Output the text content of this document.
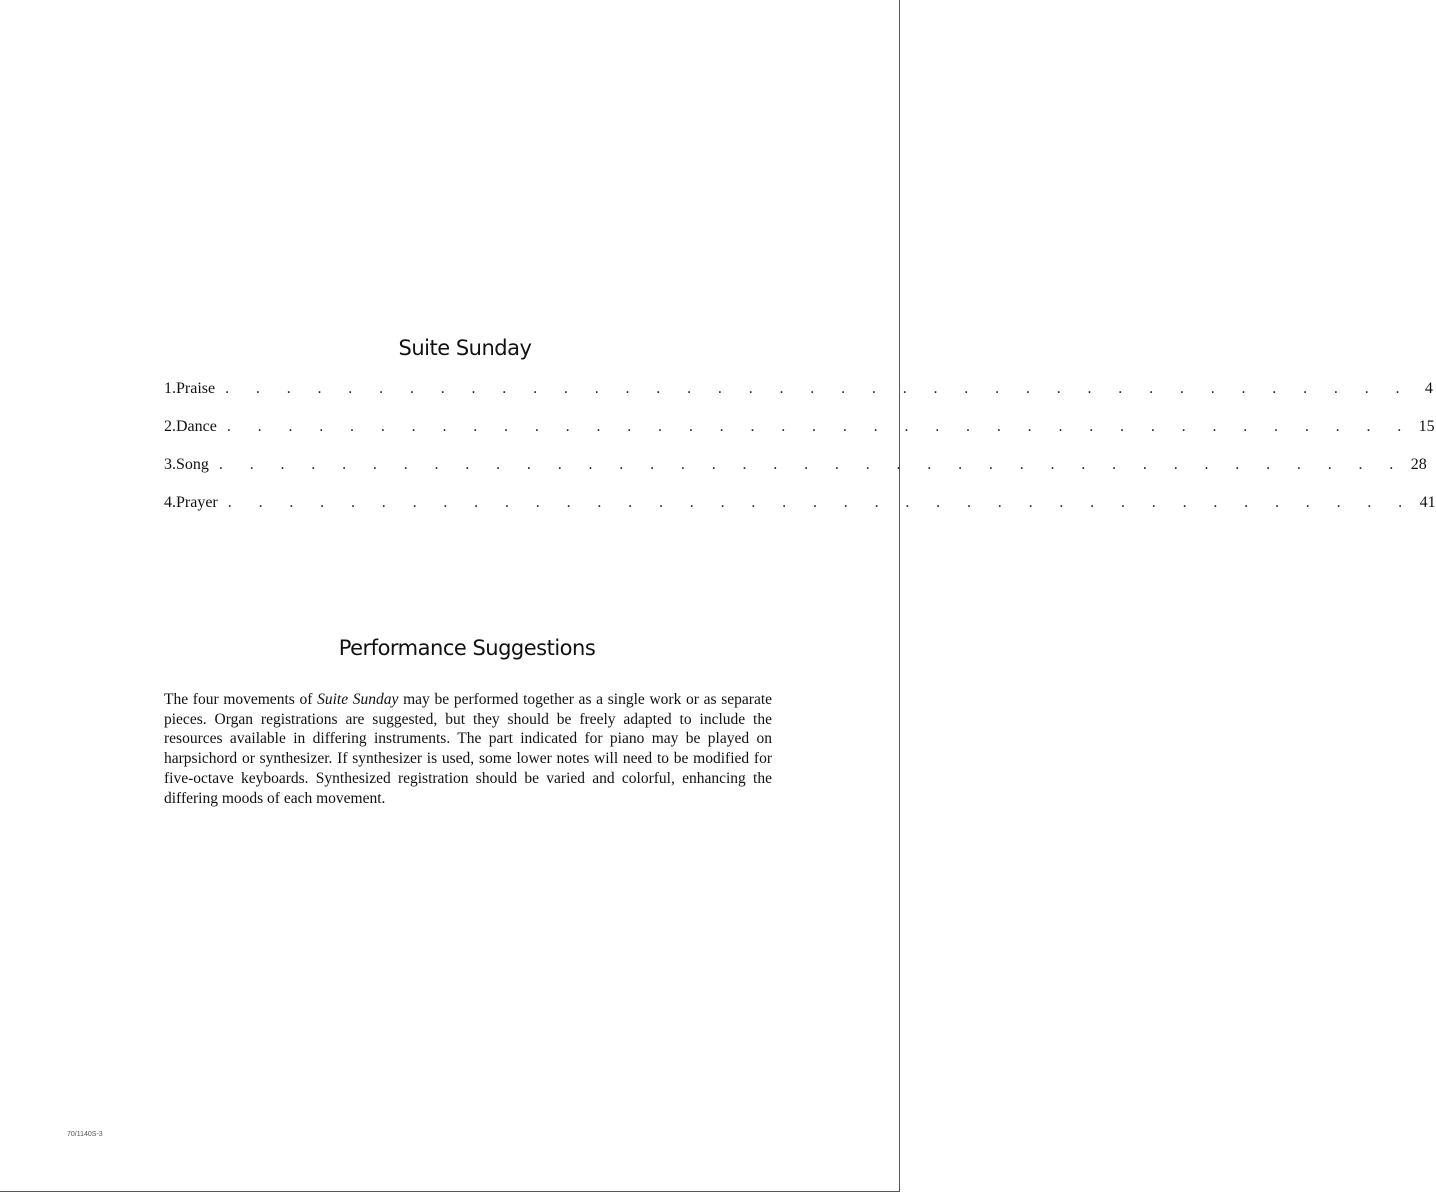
Suite Sunday
1. Praise . . . . . . . . . . . . . . . . . . . . . . . . . . . . . . . . . . . . . . . 4
2. Dance . . . . . . . . . . . . . . . . . . . . . . . . . . . . . . . . . . . . . . . 15
3. Song . . . . . . . . . . . . . . . . . . . . . . . . . . . . . . . . . . . . . . . 28
4. Prayer . . . . . . . . . . . . . . . . . . . . . . . . . . . . . . . . . . . . . . . 41
Performance Suggestions

The four movements of Suite Sunday may be performed together as a single work or as separate pieces. Organ registrations are suggested, but they should be freely adapted to include the resources available in differing instruments. The part indicated for piano may be played on harpsichord or synthesizer. If synthesizer is used, some lower notes will need to be modified for five-octave keyboards. Synthesized registration should be varied and colorful, enhancing the differing moods of each movement.

70/1140S-3
